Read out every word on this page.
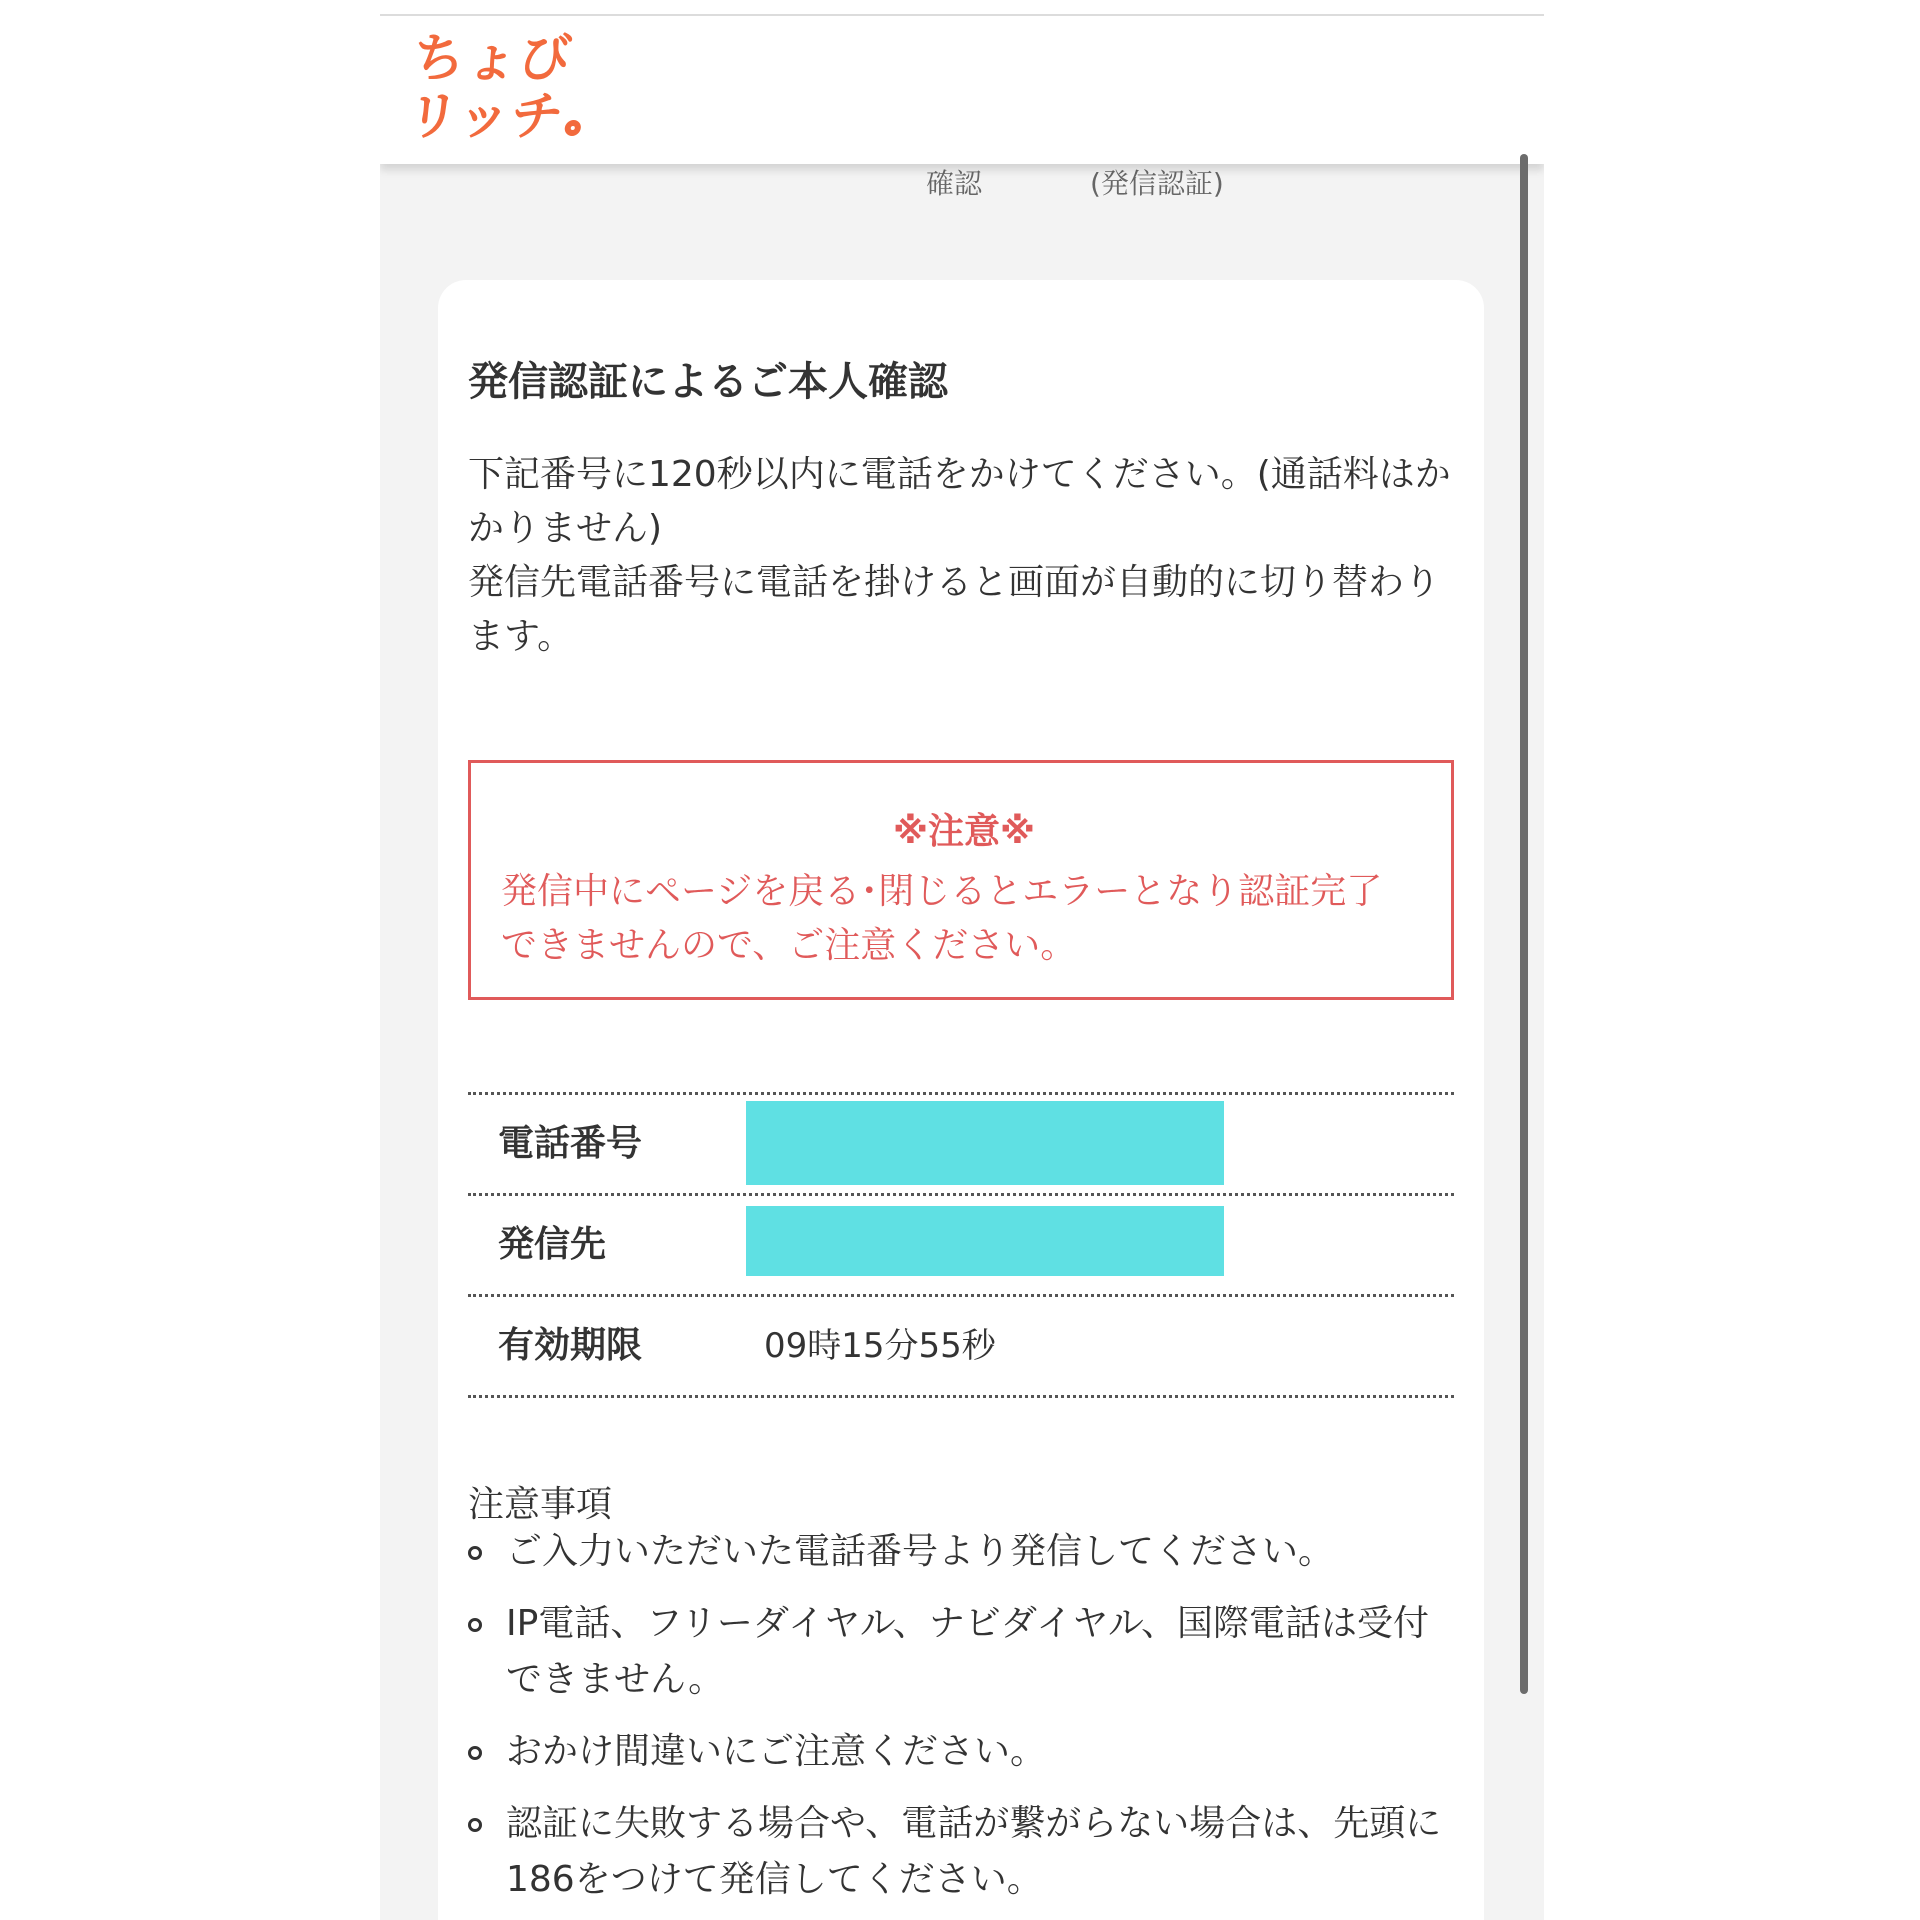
ちょび
リッチ
確認	(発信認証)
発信認証によるご本人確認

下記番号に120秒以内に電話をかけてください。(通話料はかかりません)

発信先電話番号に電話を掛けると画面が自動的に切り替わります。

※注意※
発信中にページを戻る･閉じるとエラーとなり認証完了できませんので、ご注意ください。
電話番号
発信先
有効期限	09時15分55秒
注意事項
ご入力いただいた電話番号より発信してください。
IP電話、フリーダイヤル、ナビダイヤル、国際電話は受付できません。
おかけ間違いにご注意ください。
認証に失敗する場合や、電話が繋がらない場合は、先頭に186をつけて発信してください。
